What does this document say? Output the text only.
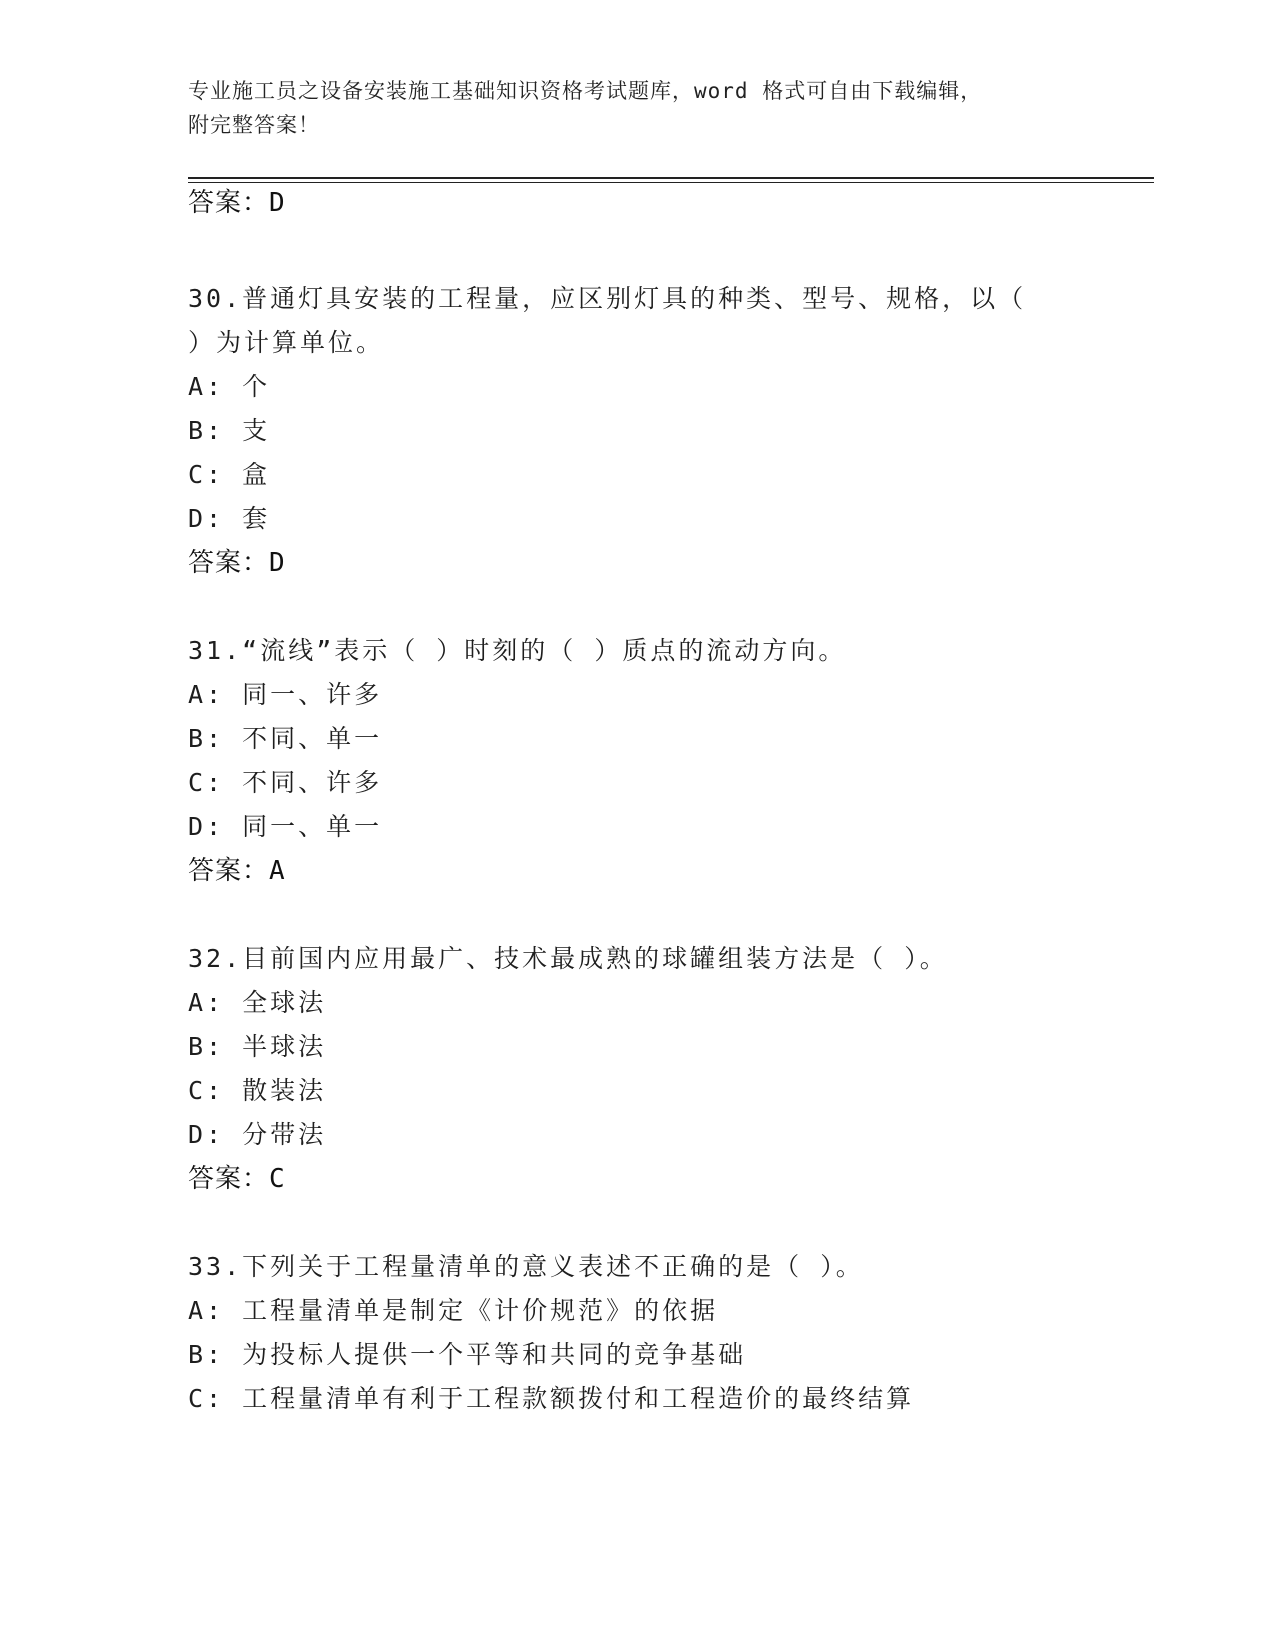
专业施工员之设备安装施工基础知识资格考试题库，word 格式可自由下载编辑，
附完整答案！
答案：D
30.普通灯具安装的工程量，应区别灯具的种类、型号、规格，以（
）为计算单位。
A: 个
B: 支
C: 盒
D: 套
答案：D
31.“流线”表示（ ）时刻的（ ）质点的流动方向。
A: 同一、许多
B: 不同、单一
C: 不同、许多
D: 同一、单一
答案：A
32.目前国内应用最广、技术最成熟的球罐组装方法是（ ）。
A: 全球法
B: 半球法
C: 散装法
D: 分带法
答案：C
33.下列关于工程量清单的意义表述不正确的是（ ）。
A: 工程量清单是制定《计价规范》的依据
B: 为投标人提供一个平等和共同的竞争基础
C: 工程量清单有利于工程款额拨付和工程造价的最终结算
